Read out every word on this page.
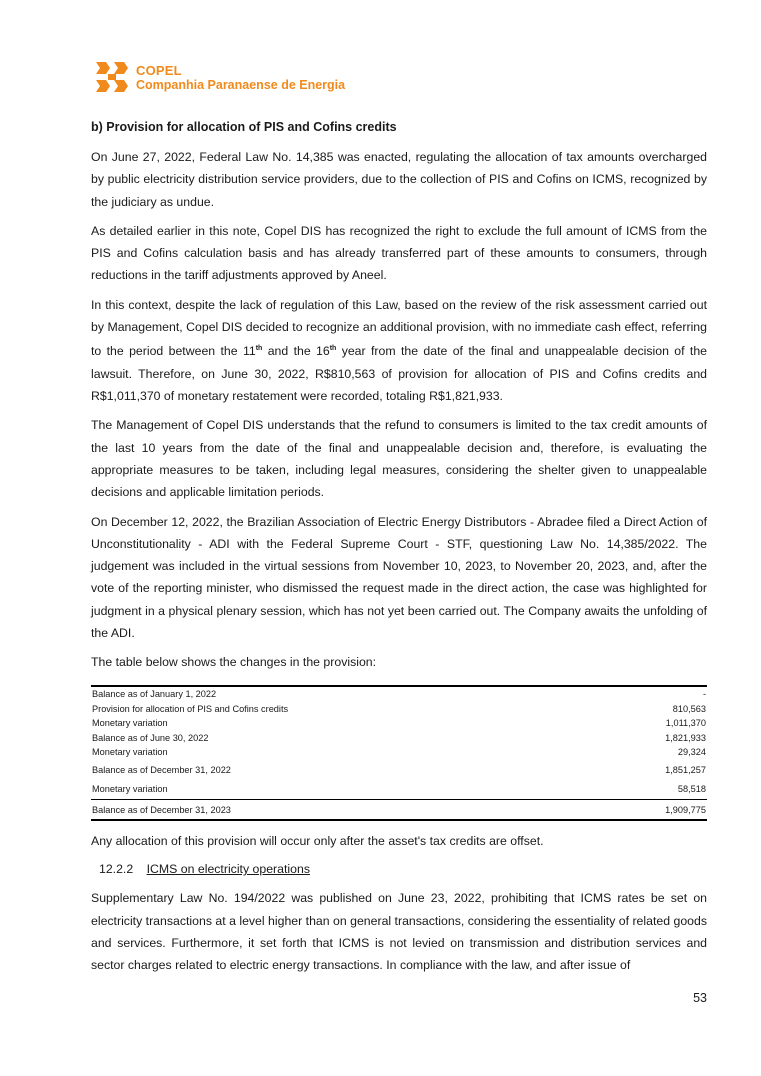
COPEL
Companhia Paranaense de Energia
b) Provision for allocation of PIS and Cofins credits

On June 27, 2022, Federal Law No. 14,385 was enacted, regulating the allocation of tax amounts overcharged by public electricity distribution service providers, due to the collection of PIS and Cofins on ICMS, recognized by the judiciary as undue.

As detailed earlier in this note, Copel DIS has recognized the right to exclude the full amount of ICMS from the PIS and Cofins calculation basis and has already transferred part of these amounts to consumers, through reductions in the tariff adjustments approved by Aneel.

In this context, despite the lack of regulation of this Law, based on the review of the risk assessment carried out by Management, Copel DIS decided to recognize an additional provision, with no immediate cash effect, referring to the period between the 11th and the 16th year from the date of the final and unappealable decision of the lawsuit. Therefore, on June 30, 2022, R$810,563 of provision for allocation of PIS and Cofins credits and R$1,011,370 of monetary restatement were recorded, totaling R$1,821,933.

The Management of Copel DIS understands that the refund to consumers is limited to the tax credit amounts of the last 10 years from the date of the final and unappealable decision and, therefore, is evaluating the appropriate measures to be taken, including legal measures, considering the shelter given to unappealable decisions and applicable limitation periods.

On December 12, 2022, the Brazilian Association of Electric Energy Distributors - Abradee filed a Direct Action of Unconstitutionality - ADI with the Federal Supreme Court - STF, questioning Law No. 14,385/2022. The judgement was included in the virtual sessions from November 10, 2023, to November 20, 2023, and, after the vote of the reporting minister, who dismissed the request made in the direct action, the case was highlighted for judgment in a physical plenary session, which has not yet been carried out. The Company awaits the unfolding of the ADI.

The table below shows the changes in the provision:

Balance as of January 1, 2022	-
Provision for allocation of PIS and Cofins credits	810,563
Monetary variation	1,011,370
Balance as of June 30, 2022	1,821,933
Monetary variation	29,324
Balance as of December 31, 2022	1,851,257
Monetary variation	58,518
Balance as of December 31, 2023	1,909,775

Any allocation of this provision will occur only after the asset's tax credits are offset.

12.2.2 ICMS on electricity operations

Supplementary Law No. 194/2022 was published on June 23, 2022, prohibiting that ICMS rates be set on electricity transactions at a level higher than on general transactions, considering the essentiality of related goods and services. Furthermore, it set forth that ICMS is not levied on transmission and distribution services and sector charges related to electric energy transactions. In compliance with the law, and after issue of

53
